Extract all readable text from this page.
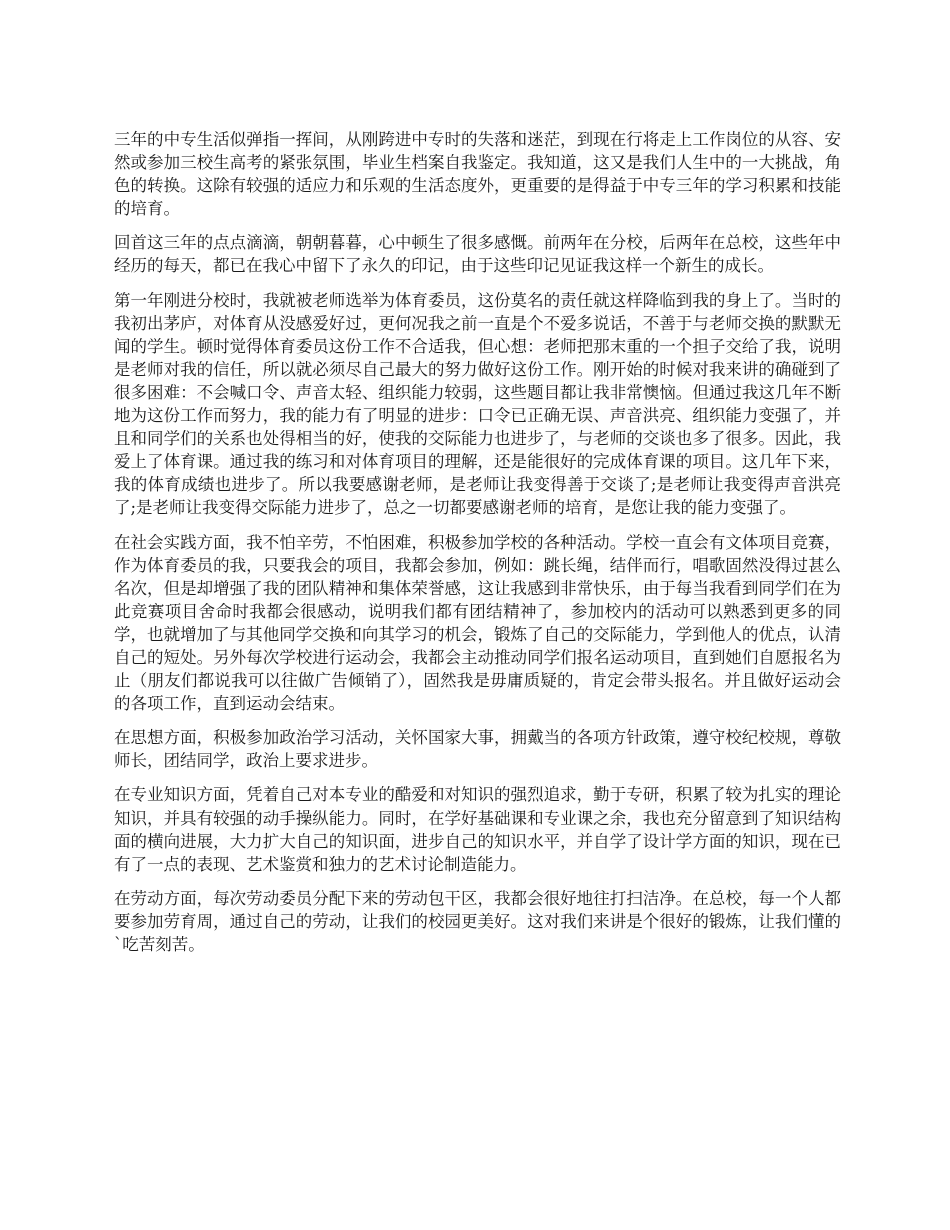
三年的中专生活似弹指一挥间，从刚跨进中专时的失落和迷茫，到现在行将走上工作岗位的从容、安然或参加三校生高考的紧张氛围，毕业生档案自我鉴定。我知道，这又是我们人生中的一大挑战，角色的转换。这除有较强的适应力和乐观的生活态度外，更重要的是得益于中专三年的学习积累和技能的培育。

回首这三年的点点滴滴，朝朝暮暮，心中顿生了很多感慨。前两年在分校，后两年在总校，这些年中经历的每天，都已在我心中留下了永久的印记，由于这些印记见证我这样一个新生的成长。

第一年刚进分校时，我就被老师选举为体育委员，这份莫名的责任就这样降临到我的身上了。当时的我初出茅庐，对体育从没感爱好过，更何况我之前一直是个不爱多说话，不善于与老师交换的默默无闻的学生。顿时觉得体育委员这份工作不合适我，但心想：老师把那末重的一个担子交给了我，说明是老师对我的信任，所以就必须尽自己最大的努力做好这份工作。刚开始的时候对我来讲的确碰到了很多困难：不会喊口令、声音太轻、组织能力较弱，这些题目都让我非常懊恼。但通过我这几年不断地为这份工作而努力，我的能力有了明显的进步：口令已正确无误、声音洪亮、组织能力变强了，并且和同学们的关系也处得相当的好，使我的交际能力也进步了，与老师的交谈也多了很多。因此，我爱上了体育课。通过我的练习和对体育项目的理解，还是能很好的完成体育课的项目。这几年下来，我的体育成绩也进步了。所以我要感谢老师，是老师让我变得善于交谈了;是老师让我变得声音洪亮了;是老师让我变得交际能力进步了，总之一切都要感谢老师的培育，是您让我的能力变强了。

在社会实践方面，我不怕辛劳，不怕困难，积极参加学校的各种活动。学校一直会有文体项目竞赛，作为体育委员的我，只要我会的项目，我都会参加，例如：跳长绳，结伴而行，唱歌固然没得过甚么名次，但是却增强了我的团队精神和集体荣誉感，这让我感到非常快乐，由于每当我看到同学们在为此竞赛项目舍命时我都会很感动，说明我们都有团结精神了，参加校内的活动可以熟悉到更多的同学，也就增加了与其他同学交换和向其学习的机会，锻炼了自己的交际能力，学到他人的优点，认清自己的短处。另外每次学校进行运动会，我都会主动推动同学们报名运动项目，直到她们自愿报名为止（朋友们都说我可以往做广告倾销了），固然我是毋庸质疑的，肯定会带头报名。并且做好运动会的各项工作，直到运动会结束。

在思想方面，积极参加政治学习活动，关怀国家大事，拥戴当的各项方针政策，遵守校纪校规，尊敬师长，团结同学，政治上要求进步。

在专业知识方面，凭着自己对本专业的酷爱和对知识的强烈追求，勤于专研，积累了较为扎实的理论知识，并具有较强的动手操纵能力。同时，在学好基础课和专业课之余，我也充分留意到了知识结构面的横向进展，大力扩大自己的知识面，进步自己的知识水平，并自学了设计学方面的知识，现在已有了一点的表现、艺术鉴赏和独力的艺术讨论制造能力。

在劳动方面，每次劳动委员分配下来的劳动包干区，我都会很好地往打扫洁净。在总校，每一个人都要参加劳育周，通过自己的劳动，让我们的校园更美好。这对我们来讲是个很好的锻炼，让我们懂的`吃苦刻苦。
